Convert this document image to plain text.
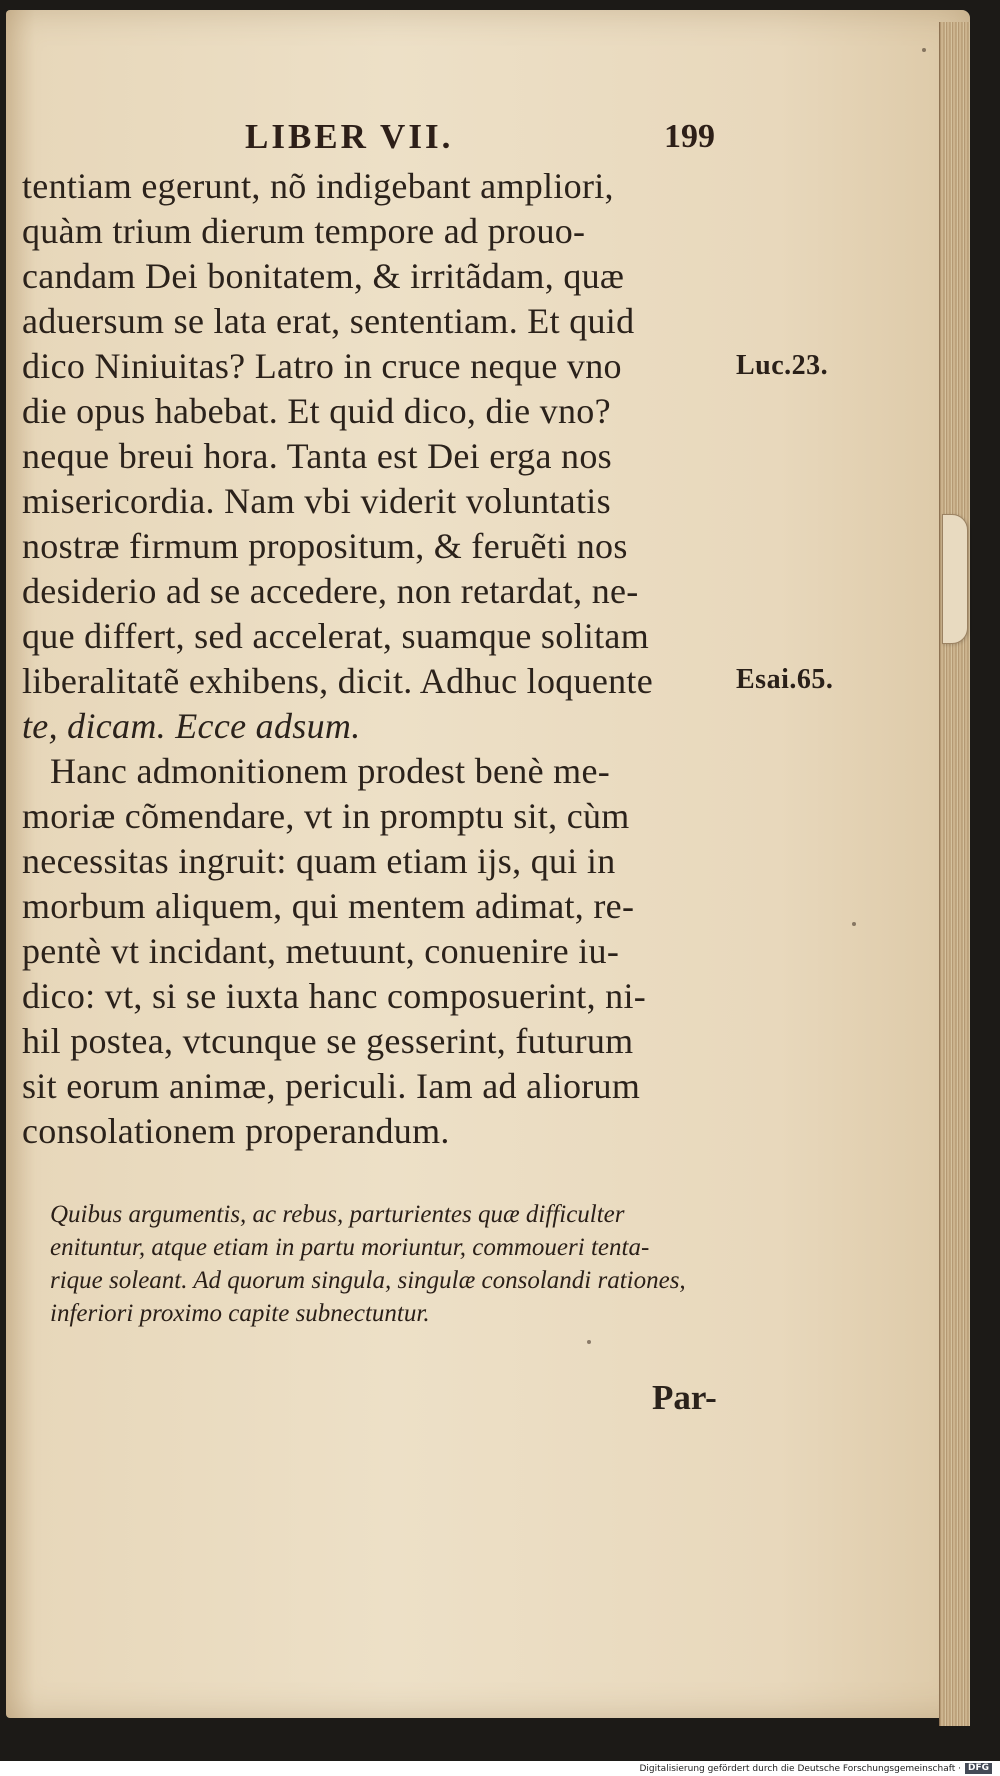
LIBER VII.	199
tentiam egerunt, nõ indigebant ampliori,
quàm trium dierum tempore ad prouo-
candam Dei bonitatem, & irritãdam, quæ
aduersum se lata erat, sententiam. Et quid
dico Niniuitas? Latro in cruce neque vno
die opus habebat. Et quid dico, die vno?
neque breui hora. Tanta est Dei erga nos
misericordia. Nam vbi viderit voluntatis
nostræ firmum propositum, & feruẽti nos
desiderio ad se accedere, non retardat, ne-
que differt, sed accelerat, suamque solitam
liberalitatẽ exhibens, dicit. Adhuc loquente
te, dicam. Ecce adsum.
Hanc admonitionem prodest benè me-
moriæ cõmendare, vt in promptu sit, cùm
necessitas ingruit: quam etiam ijs, qui in
morbum aliquem, qui mentem adimat, re-
pentè vt incidant, metuunt, conuenire iu-
dico: vt, si se iuxta hanc composuerint, ni-
hil postea, vtcunque se gesserint, futurum
sit eorum animæ, periculi. Iam ad aliorum
consolationem properandum.
Luc.23.
Esai.65.
Quibus argumentis, ac rebus, parturientes quæ difficulter
enituntur, atque etiam in partu moriuntur, commoueri tenta-
rique soleant. Ad quorum singula, singulæ consolandi rationes,
inferiori proximo capite subnectuntur.
Par-
Digitalisierung gefördert durch die Deutsche Forschungsgemeinschaft · DFG
